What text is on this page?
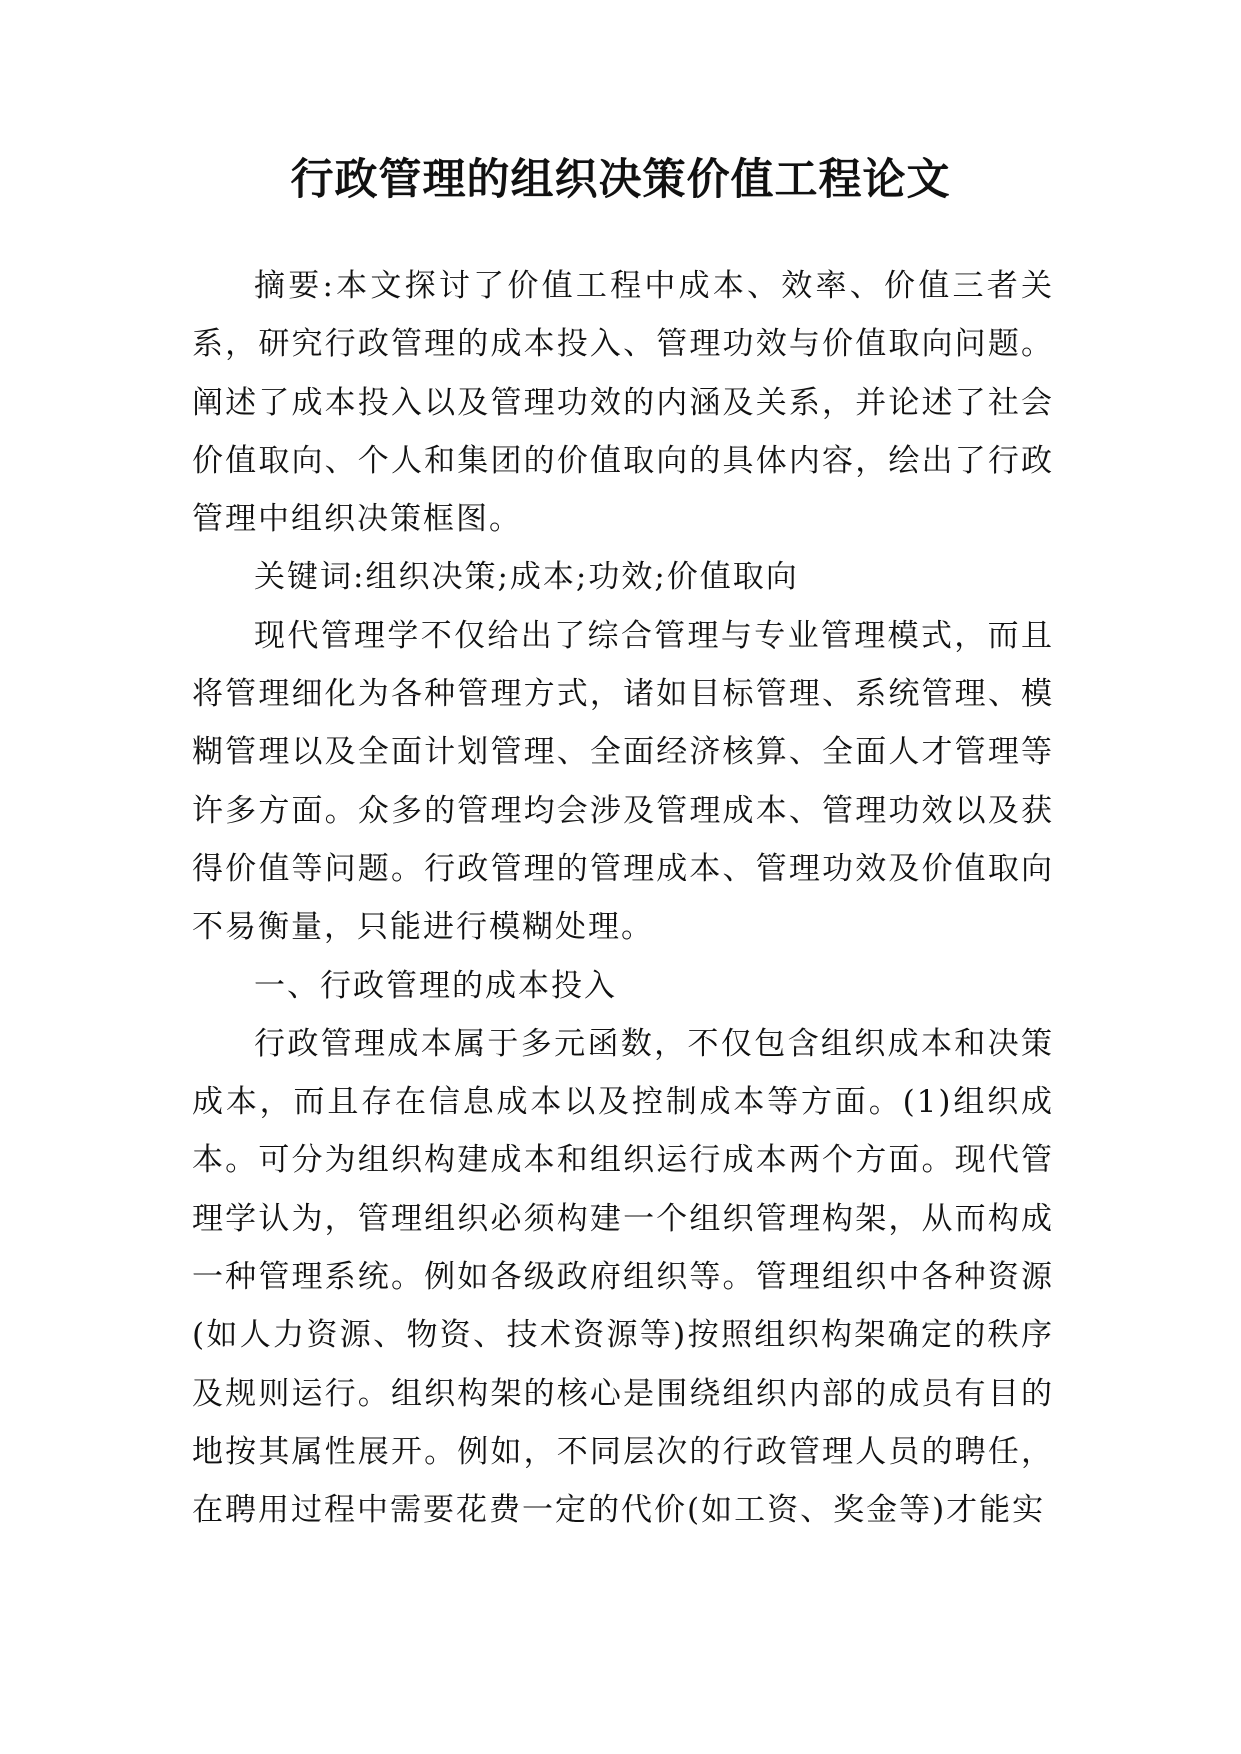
行政管理的组织决策价值工程论文

摘要:本文探讨了价值工程中成本、效率、价值三者关系，研究行政管理的成本投入、管理功效与价值取向问题。阐述了成本投入以及管理功效的内涵及关系，并论述了社会价值取向、个人和集团的价值取向的具体内容，绘出了行政管理中组织决策框图。

关键词:组织决策;成本;功效;价值取向

现代管理学不仅给出了综合管理与专业管理模式，而且将管理细化为各种管理方式，诸如目标管理、系统管理、模糊管理以及全面计划管理、全面经济核算、全面人才管理等许多方面。众多的管理均会涉及管理成本、管理功效以及获得价值等问题。行政管理的管理成本、管理功效及价值取向不易衡量，只能进行模糊处理。

一、行政管理的成本投入

行政管理成本属于多元函数，不仅包含组织成本和决策成本，而且存在信息成本以及控制成本等方面。(1)组织成本。可分为组织构建成本和组织运行成本两个方面。现代管理学认为，管理组织必须构建一个组织管理构架，从而构成一种管理系统。例如各级政府组织等。管理组织中各种资源(如人力资源、物资、技术资源等)按照组织构架确定的秩序及规则运行。组织构架的核心是围绕组织内部的成员有目的地按其属性展开。例如，不同层次的行政管理人员的聘任，在聘用过程中需要花费一定的代价(如工资、奖金等)才能实
